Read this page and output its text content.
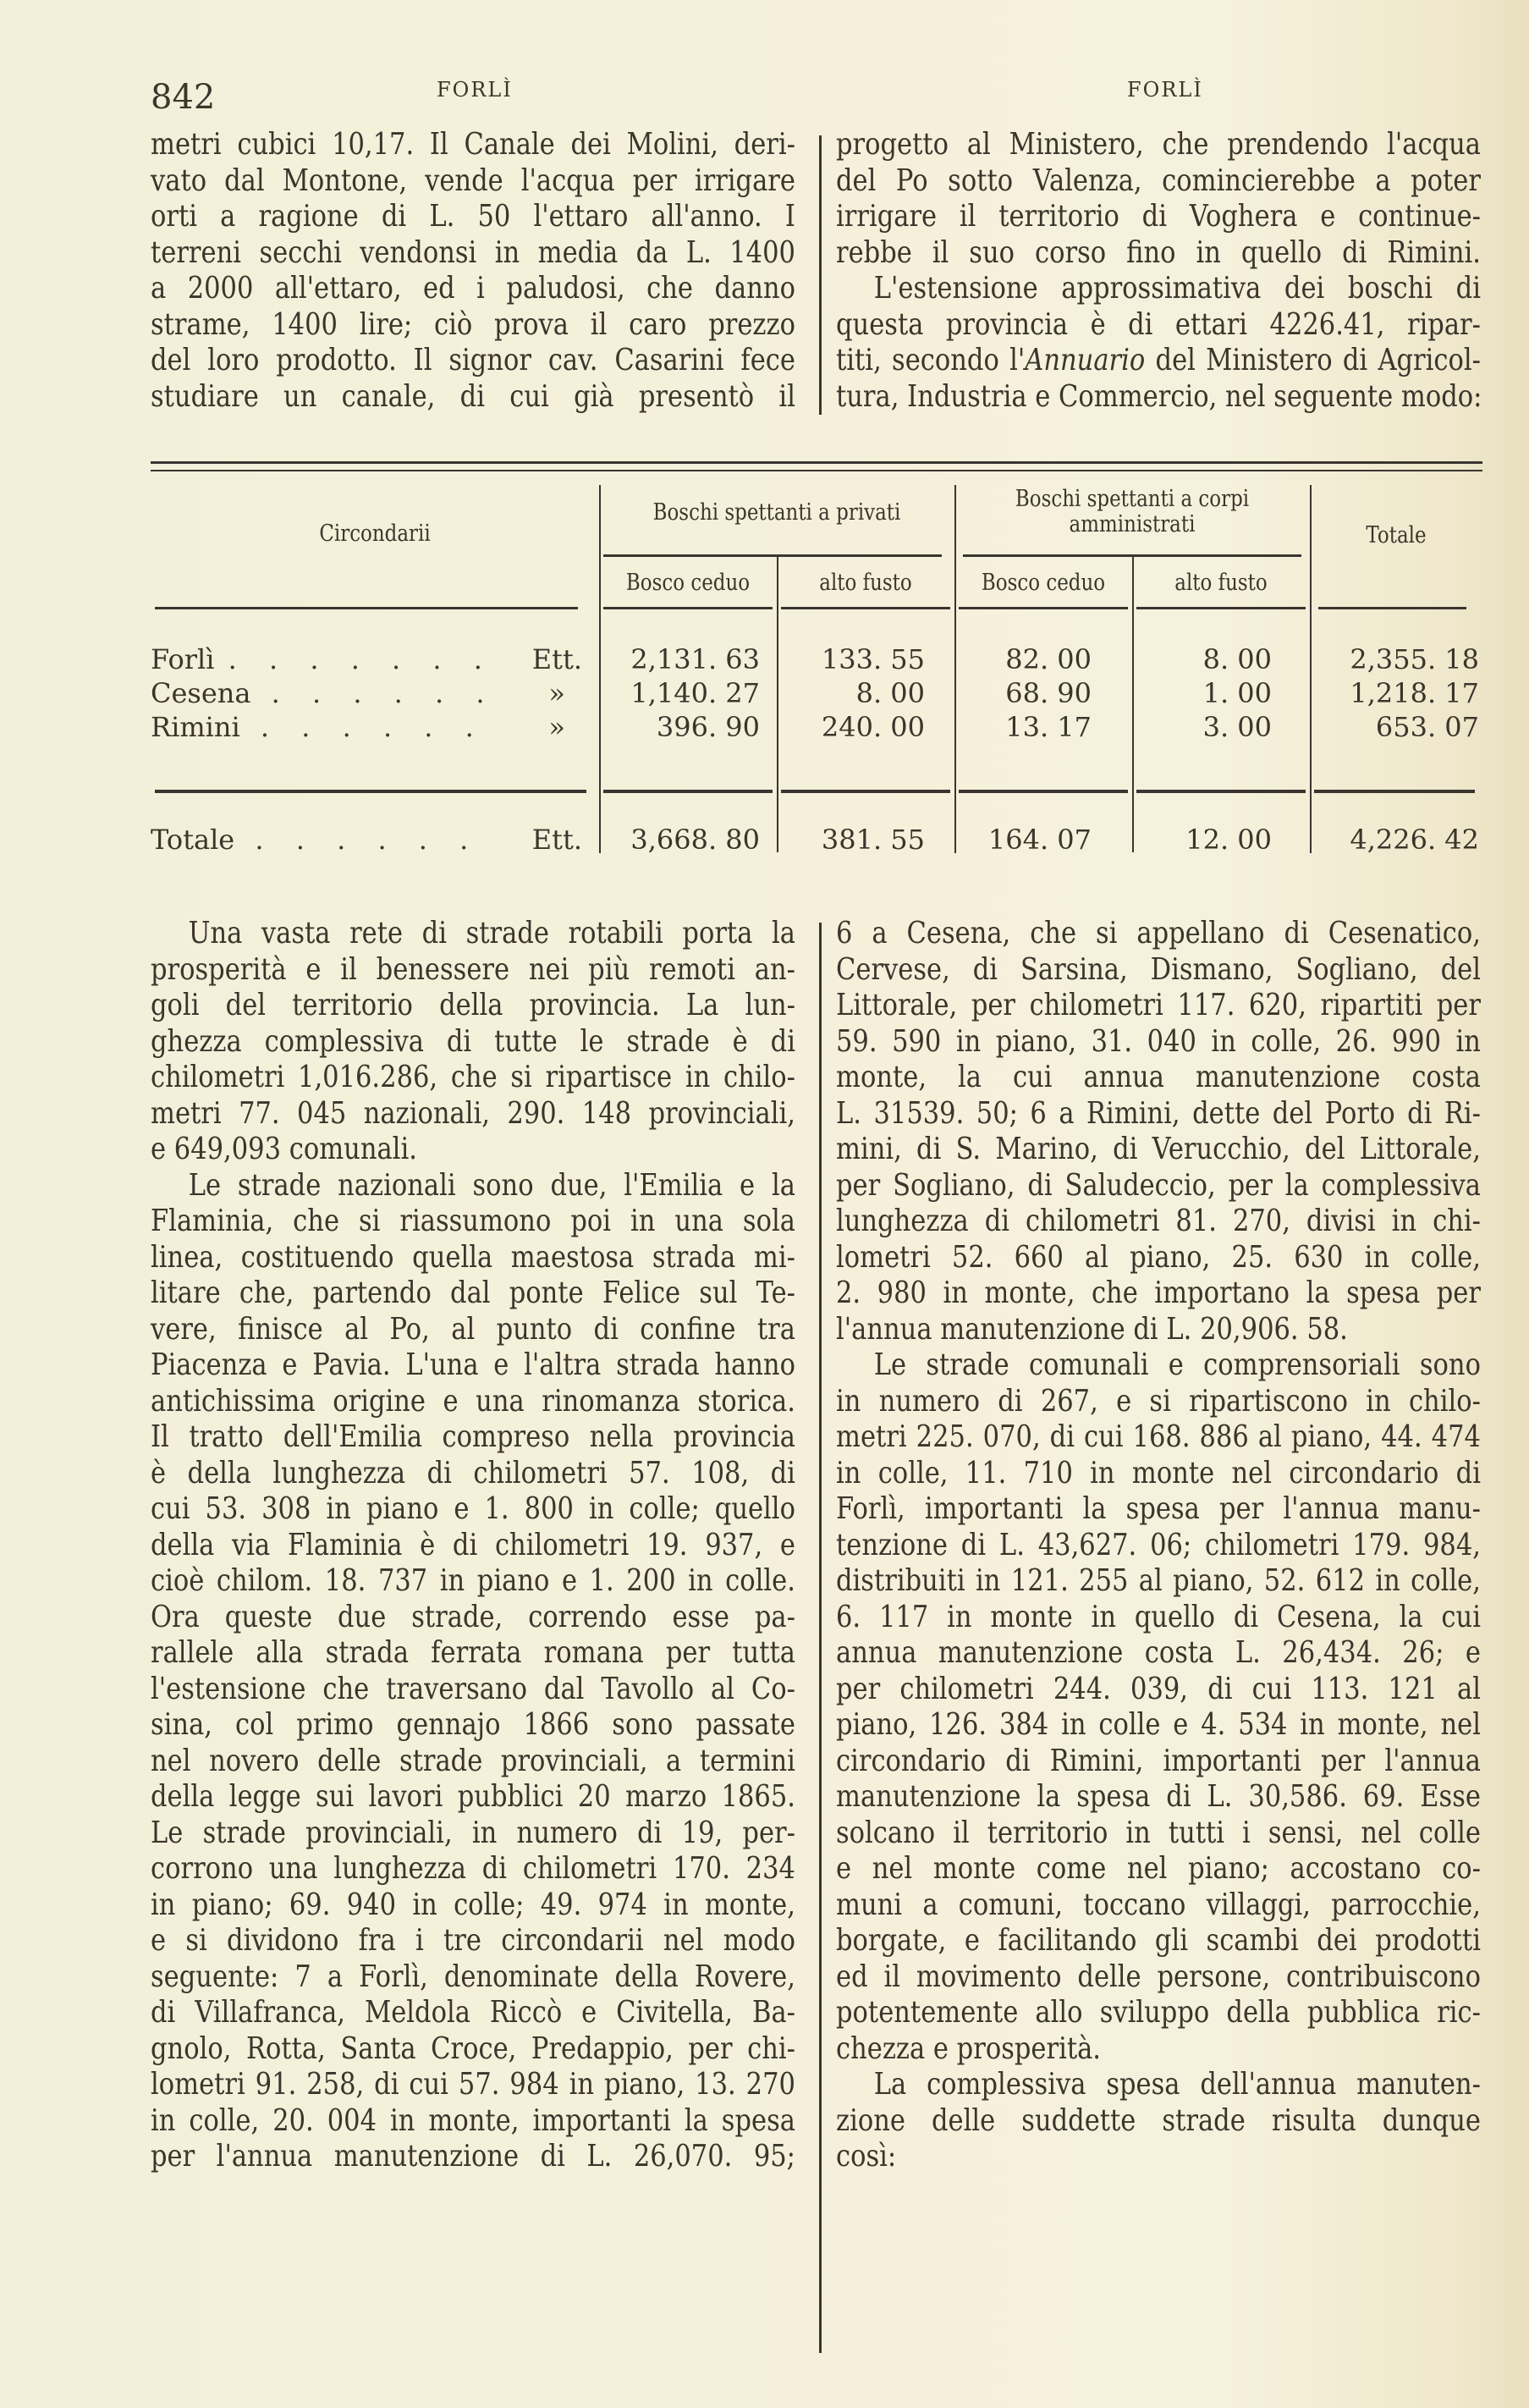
842	FORLÌ	FORLÌ
metri cubici 10,17. Il Canale dei Molini, deri-
vato dal Montone, vende l'acqua per irrigare
orti a ragione di L. 50 l'ettaro all'anno. I
terreni secchi vendonsi in media da L. 1400
a 2000 all'ettaro, ed i paludosi, che danno
strame, 1400 lire; ciò prova il caro prezzo
del loro prodotto. Il signor cav. Casarini fece
studiare un canale, di cui già presentò il
progetto al Ministero, che prendendo l'acqua
del Po sotto Valenza, comincierebbe a poter
irrigare il territorio di Voghera e continue-
rebbe il suo corso fino in quello di Rimini.
L'estensione approssimativa dei boschi di
questa provincia è di ettari 4226.41, ripar-
titi, secondo l'Annuario del Ministero di Agricol-
tura, Industria e Commercio, nel seguente modo:
Circondarii
Boschi spettanti a privati
Boschi spettanti a corpi
amministrati	Totale
Bosco ceduo	alto fusto	Bosco ceduo	alto fusto
Forlì . . . . . . . Ett.	2,131. 63	133. 55	82. 00	8. 00	2,355. 18
Cesena . . . . . . »	1,140. 27	8. 00	68. 90	1. 00	1,218. 17
Rimini . . . . . . »	396. 90	240. 00	13. 17	3. 00	653. 07
Totale . . . . . . Ett.	3,668. 80	381. 55	164. 07	12. 00	4,226. 42
Una vasta rete di strade rotabili porta la
prosperità e il benessere nei più remoti an-
goli del territorio della provincia. La lun-
ghezza complessiva di tutte le strade è di
chilometri 1,016.286, che si ripartisce in chilo-
metri 77. 045 nazionali, 290. 148 provinciali,
e 649,093 comunali.
Le strade nazionali sono due, l'Emilia e la
Flaminia, che si riassumono poi in una sola
linea, costituendo quella maestosa strada mi-
litare che, partendo dal ponte Felice sul Te-
vere, finisce al Po, al punto di confine tra
Piacenza e Pavia. L'una e l'altra strada hanno
antichissima origine e una rinomanza storica.
Il tratto dell'Emilia compreso nella provincia
è della lunghezza di chilometri 57. 108, di
cui 53. 308 in piano e 1. 800 in colle; quello
della via Flaminia è di chilometri 19. 937, e
cioè chilom. 18. 737 in piano e 1. 200 in colle.
Ora queste due strade, correndo esse pa-
rallele alla strada ferrata romana per tutta
l'estensione che traversano dal Tavollo al Co-
sina, col primo gennajo 1866 sono passate
nel novero delle strade provinciali, a termini
della legge sui lavori pubblici 20 marzo 1865.
Le strade provinciali, in numero di 19, per-
corrono una lunghezza di chilometri 170. 234
in piano; 69. 940 in colle; 49. 974 in monte,
e si dividono fra i tre circondarii nel modo
seguente: 7 a Forlì, denominate della Rovere,
di Villafranca, Meldola Riccò e Civitella, Ba-
gnolo, Rotta, Santa Croce, Predappio, per chi-
lometri 91. 258, di cui 57. 984 in piano, 13. 270
in colle, 20. 004 in monte, importanti la spesa
per l'annua manutenzione di L. 26,070. 95;
6 a Cesena, che si appellano di Cesenatico,
Cervese, di Sarsina, Dismano, Sogliano, del
Littorale, per chilometri 117. 620, ripartiti per
59. 590 in piano, 31. 040 in colle, 26. 990 in
monte, la cui annua manutenzione costa
L. 31539. 50; 6 a Rimini, dette del Porto di Ri-
mini, di S. Marino, di Verucchio, del Littorale,
per Sogliano, di Saludeccio, per la complessiva
lunghezza di chilometri 81. 270, divisi in chi-
lometri 52. 660 al piano, 25. 630 in colle,
2. 980 in monte, che importano la spesa per
l'annua manutenzione di L. 20,906. 58.
Le strade comunali e comprensoriali sono
in numero di 267, e si ripartiscono in chilo-
metri 225. 070, di cui 168. 886 al piano, 44. 474
in colle, 11. 710 in monte nel circondario di
Forlì, importanti la spesa per l'annua manu-
tenzione di L. 43,627. 06; chilometri 179. 984,
distribuiti in 121. 255 al piano, 52. 612 in colle,
6. 117 in monte in quello di Cesena, la cui
annua manutenzione costa L. 26,434. 26; e
per chilometri 244. 039, di cui 113. 121 al
piano, 126. 384 in colle e 4. 534 in monte, nel
circondario di Rimini, importanti per l'annua
manutenzione la spesa di L. 30,586. 69. Esse
solcano il territorio in tutti i sensi, nel colle
e nel monte come nel piano; accostano co-
muni a comuni, toccano villaggi, parrocchie,
borgate, e facilitando gli scambi dei prodotti
ed il movimento delle persone, contribuiscono
potentemente allo sviluppo della pubblica ric-
chezza e prosperità.
La complessiva spesa dell'annua manuten-
zione delle suddette strade risulta dunque
così:
